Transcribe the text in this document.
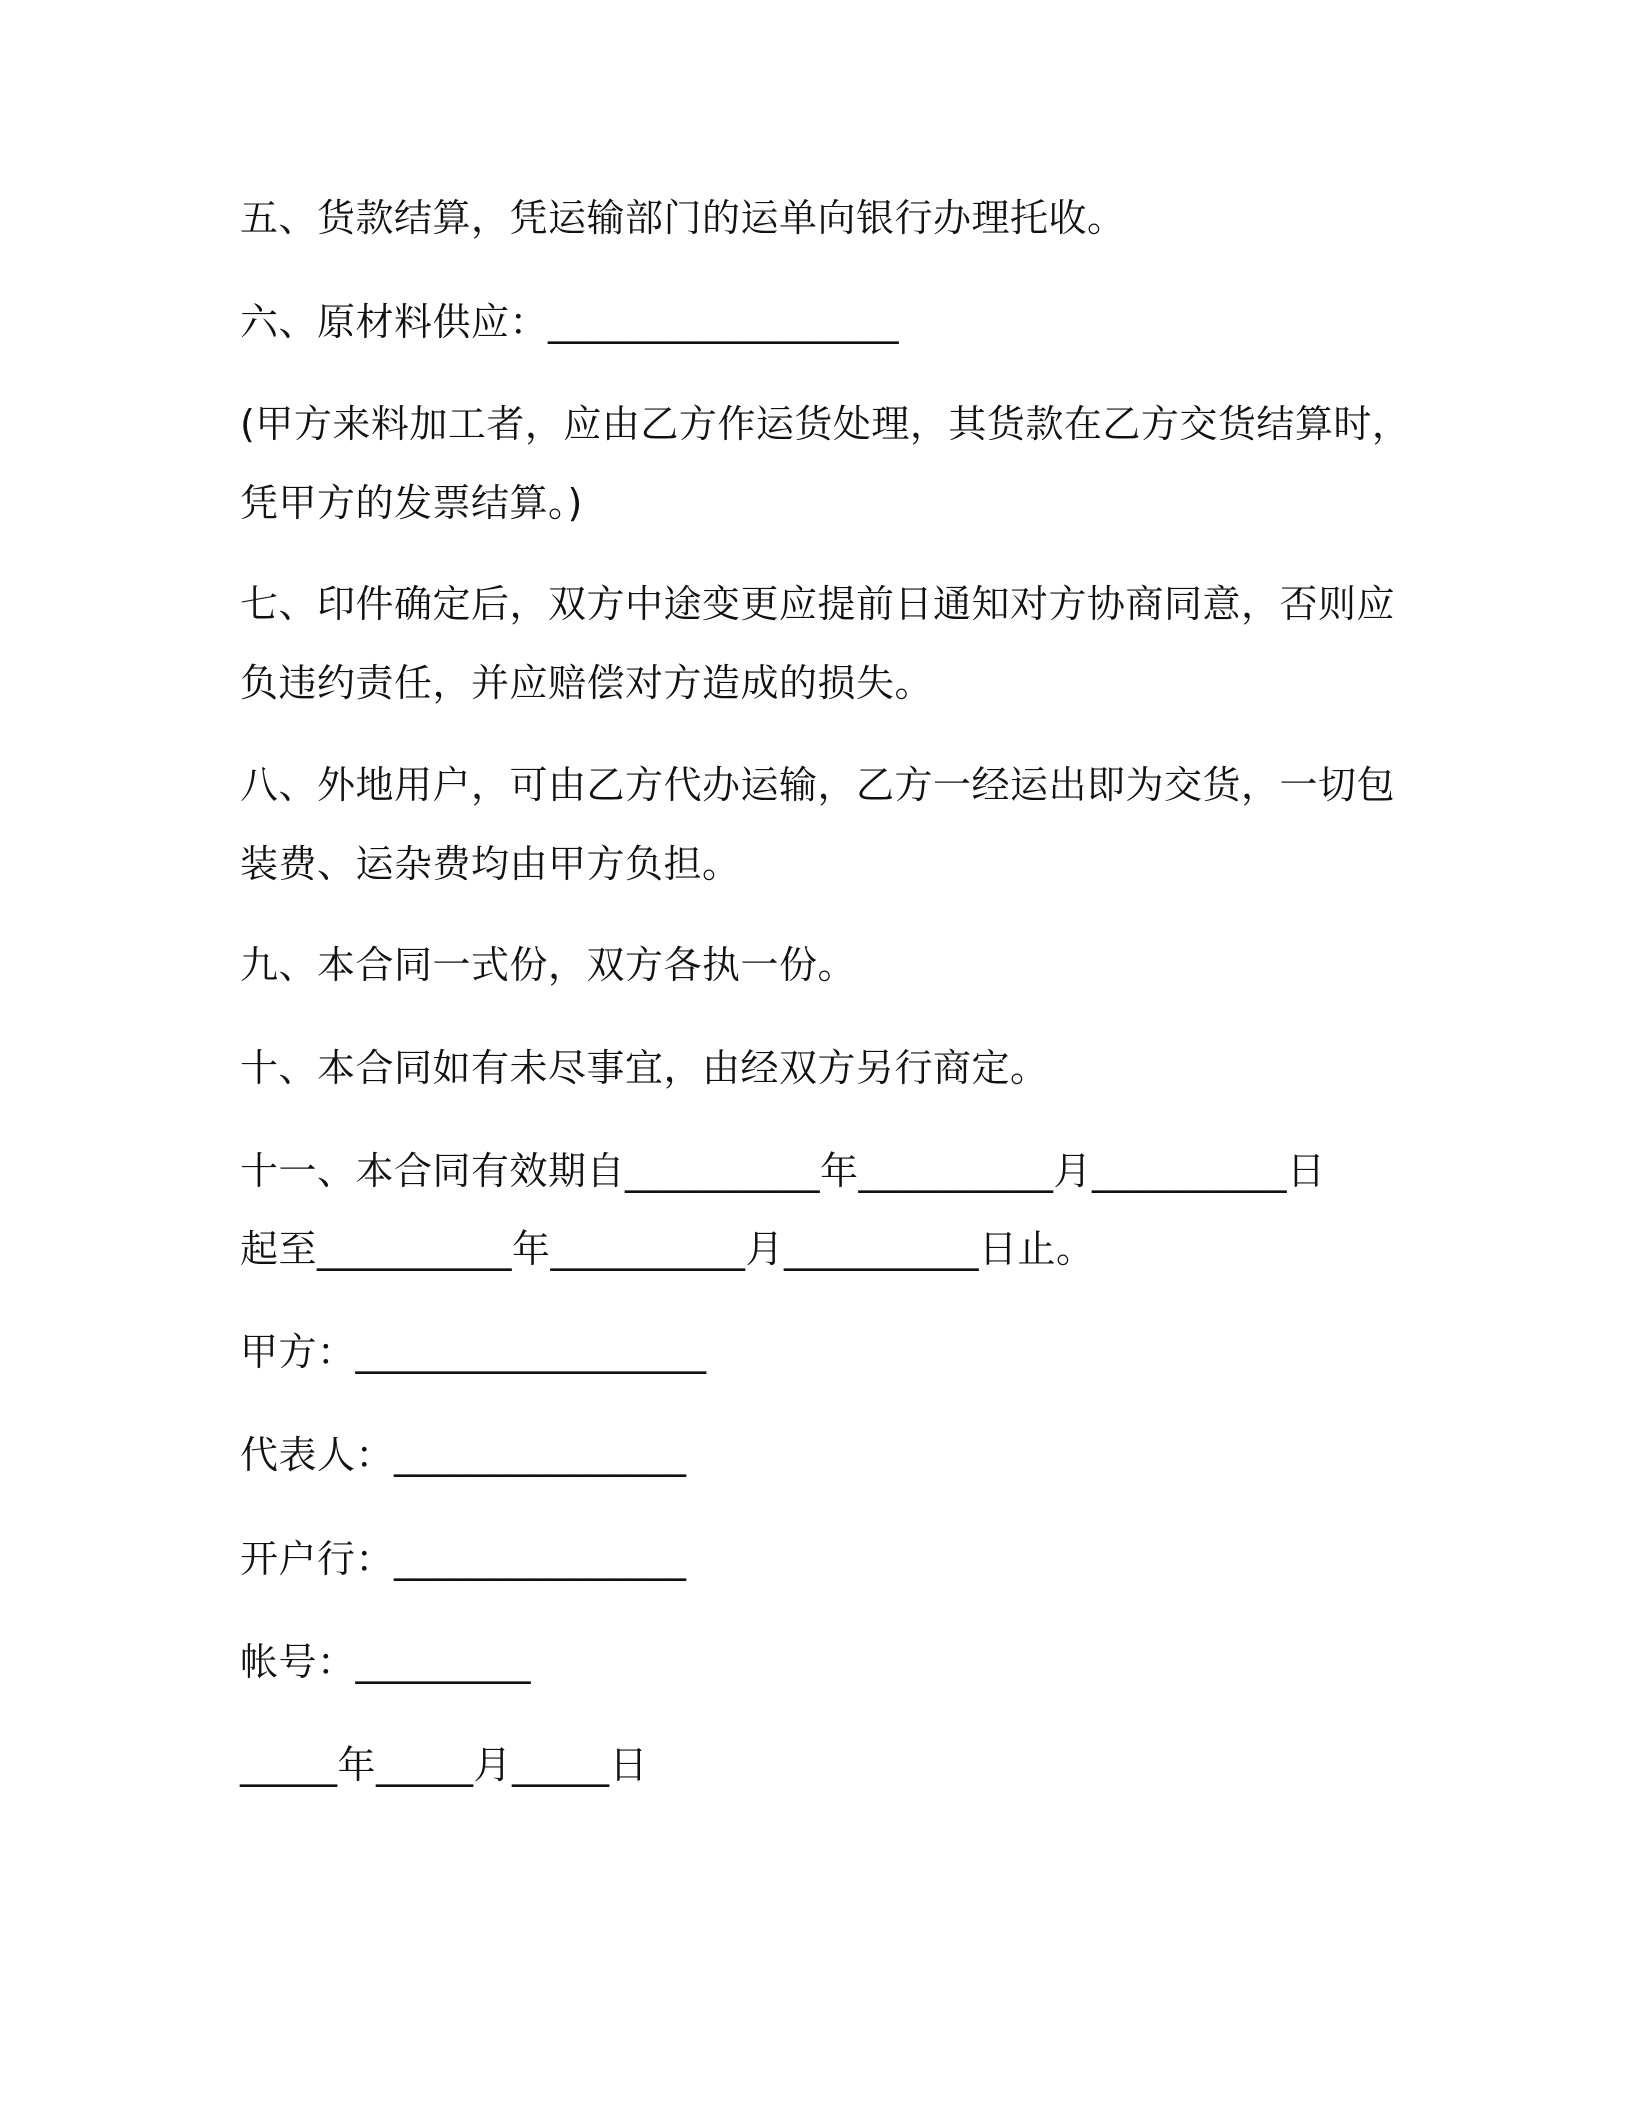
五、货款结算，凭运输部门的运单向银行办理托收。
六、原材料供应：__________________
(甲方来料加工者，应由乙方作运货处理，其货款在乙方交货结算时，
凭甲方的发票结算。)
七、印件确定后，双方中途变更应提前日通知对方协商同意，否则应
负违约责任，并应赔偿对方造成的损失。
八、外地用户，可由乙方代办运输，乙方一经运出即为交货，一切包
装费、运杂费均由甲方负担。
九、本合同一式份，双方各执一份。
十、本合同如有未尽事宜，由经双方另行商定。
十一、本合同有效期自__________年__________月__________日
起至__________年__________月__________日止。
甲方：__________________
代表人：_______________
开户行：_______________
帐号：_________
_____年_____月_____日
